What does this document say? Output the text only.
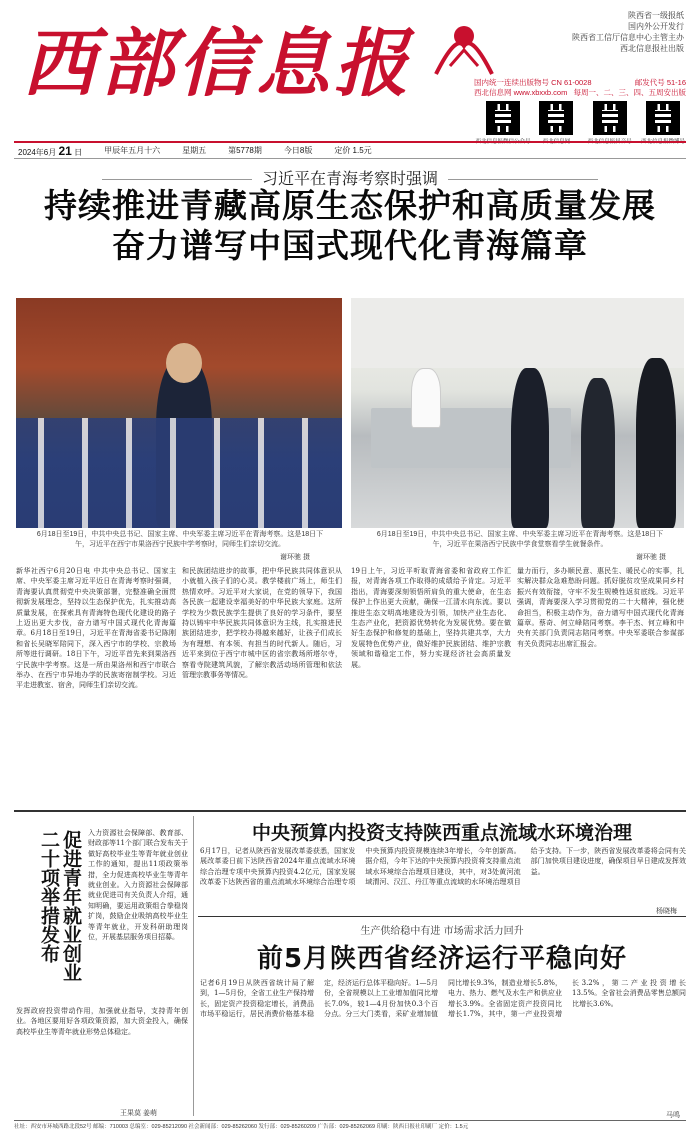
西部信息报
陕西省一级报纸
国内外公开发行
陕西省工信厅信息中心主管主办
西北信息报社出版
国内统一连续出版物号 CN 61-0028	邮发代号 51-16
西北信息网 www.xbxxb.com 每周一、二、三、四、五周安出版
西北信息报微信公众号 西北信息网	西北信息报抖音号 西北信息报微博号
2024年6月 21 日	甲辰年五月十六	星期五	第5778期	今日8版	定价 1.5元
习近平在青海考察时强调
持续推进青藏高原生态保护和高质量发展
奋力谱写中国式现代化青海篇章
6月18日至19日，中共中央总书记、国家主席、中央军委主席习近平在青海考察。这是18日下午，习近平在西宁市果洛西宁民族中学考察时，同师生们亲切交流。
谢环驰 摄
6月18日至19日，中共中央总书记、国家主席、中央军委主席习近平在青海考察。这是18日下午，习近平在果洛西宁民族中学食堂察看学生就餐条件。
谢环驰 摄
新华社西宁6月20日电 中共中央总书记、国家主席、中央军委主席习近平近日在青海考察时强调，青海要认真贯彻党中央决策部署，完整准确全面贯彻新发展理念，坚持以生态保护优先，扎实推动高质量发展，在探索具有青海特色现代化建设的路子上迈出更大步伐，奋力谱写中国式现代化青海篇章。6月18日至19日，习近平在青海省委书记陈刚和省长吴晓军陪同下，深入西宁市的学校、宗教场所等进行调研。18日下午，习近平首先来到果洛西宁民族中学考察。这是一所由果洛州和西宁市联合举办、在西宁市异地办学的民族寄宿制学校。习近平走进教室、宿舍，同师生们亲切交流。
和民族团结进步的故事，把中华民族共同体意识从小就植入孩子们的心灵。教学楼前广场上，师生们热情欢呼。习近平对大家说，在党的领导下，我国各民族一起建设幸福美好的中华民族大家庭。这所学校为少数民族学生提供了良好的学习条件，要坚持以铸牢中华民族共同体意识为主线，扎实推进民族团结进步，把学校办得越来越好，让孩子们成长为有理想、有本领、有担当的时代新人。随后，习近平来到位于西宁市城中区的省宗教场所塔尔寺，察看寺院建筑风貌，了解宗教活动场所管理和依法管理宗教事务等情况。
19日上午，习近平听取青海省委和省政府工作汇报，对青海各项工作取得的成绩给予肯定。习近平指出，青海要深刻领悟所肩负的重大使命，在生态保护上作出更大贡献，确保一江清水向东流。要以推进生态文明高地建设为引领，加快产业生态化、生态产业化，把资源优势转化为发展优势。要在做好生态保护和修复的基础上，坚持共建共享，大力发展特色优势产业，做好维护民族团结、维护宗教领域和谐稳定工作，努力实现经济社会高质量发展。
量力而行，多办顺民意、惠民生、暖民心的实事，扎实解决群众急难愁盼问题。抓好脱贫攻坚成果同乡村振兴有效衔接，守牢不发生规模性返贫底线。习近平强调，青海要深入学习贯彻党的二十大精神，强化使命担当，积极主动作为，奋力谱写中国式现代化青海篇章。蔡奇、何立峰陪同考察。李干杰、何立峰和中央有关部门负责同志陪同考察。中央军委联合参谋部有关负责同志出席汇报会。
促进青年就业创业 二十项举措发布	入力资源社会保障部、教育部、财政部等11个部门联合发布关于做好高校毕业生等青年就业创业工作的通知，提出11项政策举措，全力促进高校毕业生等青年就业创业。入力资源社会保障部就业促进司有关负责人介绍，通知明确，要运用政策组合拳稳岗扩岗，鼓励企业吸纳高校毕业生等青年就业，开发科研助理岗位，开展基层服务项目招募。
发挥政府投资带动作用，加强就业指导，支持青年创业。各地区要用好各项政策资源，加大资金投入，确保高校毕业生等青年就业形势总体稳定。
王果莫 姜萌
中央预算内投资支持陕西重点流域水环境治理
6月17日，记者从陕西省发展改革委获悉，国家发展改革委日前下达陕西省2024年重点流域水环境综合治理专项中央预算内投资4.2亿元，国家发展改革委下达陕西省的重点流域水环境综合治理专项中央预算内投资规模连续3年增长，今年创新高。据介绍，今年下达的中央预算内投资将支持重点流域水环境综合治理项目建设，其中，对3处黄河流域渭河、汉江、丹江等重点流域的水环境治理项目给予支持。下一步，陕西省发展改革委将会同有关部门加快项目建设进度，确保项目早日建成发挥效益。
杨晓梅
生产供给稳中有进 市场需求活力回升
前5月陕西省经济运行平稳向好
记者6月19日从陕西省统计局了解到，1—5月份，全省工业生产保持增长，固定资产投资稳定增长，消费品市场平稳运行，居民消费价格基本稳定，经济运行总体平稳向好。1—5月份，全省规模以上工业增加值同比增长7.0%，较1—4月份加快0.3个百分点。分三大门类看，采矿业增加值同比增长9.3%，制造业增长5.8%，电力、热力、燃气及水生产和供应业增长3.9%。全省固定资产投资同比增长1.7%，其中，第一产业投资增长3.2%，第二产业投资增长13.5%。全省社会消费品零售总额同比增长3.6%。
马鸣
社址：西安市环城西路北段52号 邮编：710003 总编室：029-85212090 社会新闻部：029-85262060 发行部：029-85260209 广告部：029-85262069 印刷：陕西日报社印刷厂 定价：1.5元
